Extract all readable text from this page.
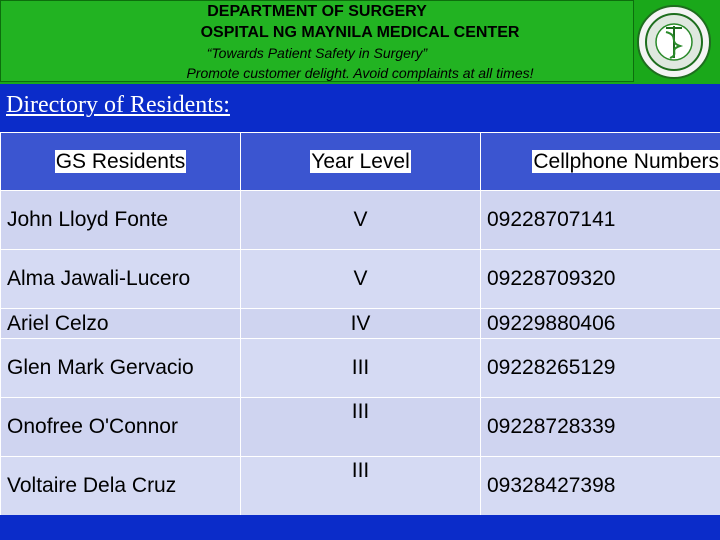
DEPARTMENT OF SURGERY
OSPITAL NG MAYNILA MEDICAL CENTER
“Towards Patient Safety in Surgery”
Promote customer delight. Avoid complaints at all times!
Directory of Residents:
GS Residents	Year Level	Cellphone Numbers
John Lloyd Fonte	V	09228707141
Alma Jawali-Lucero	V	09228709320
Ariel Celzo	IV	09229880406
Glen Mark Gervacio	III	09228265129
Onofree O'Connor	III	09228728339
Voltaire Dela Cruz	III	09328427398
